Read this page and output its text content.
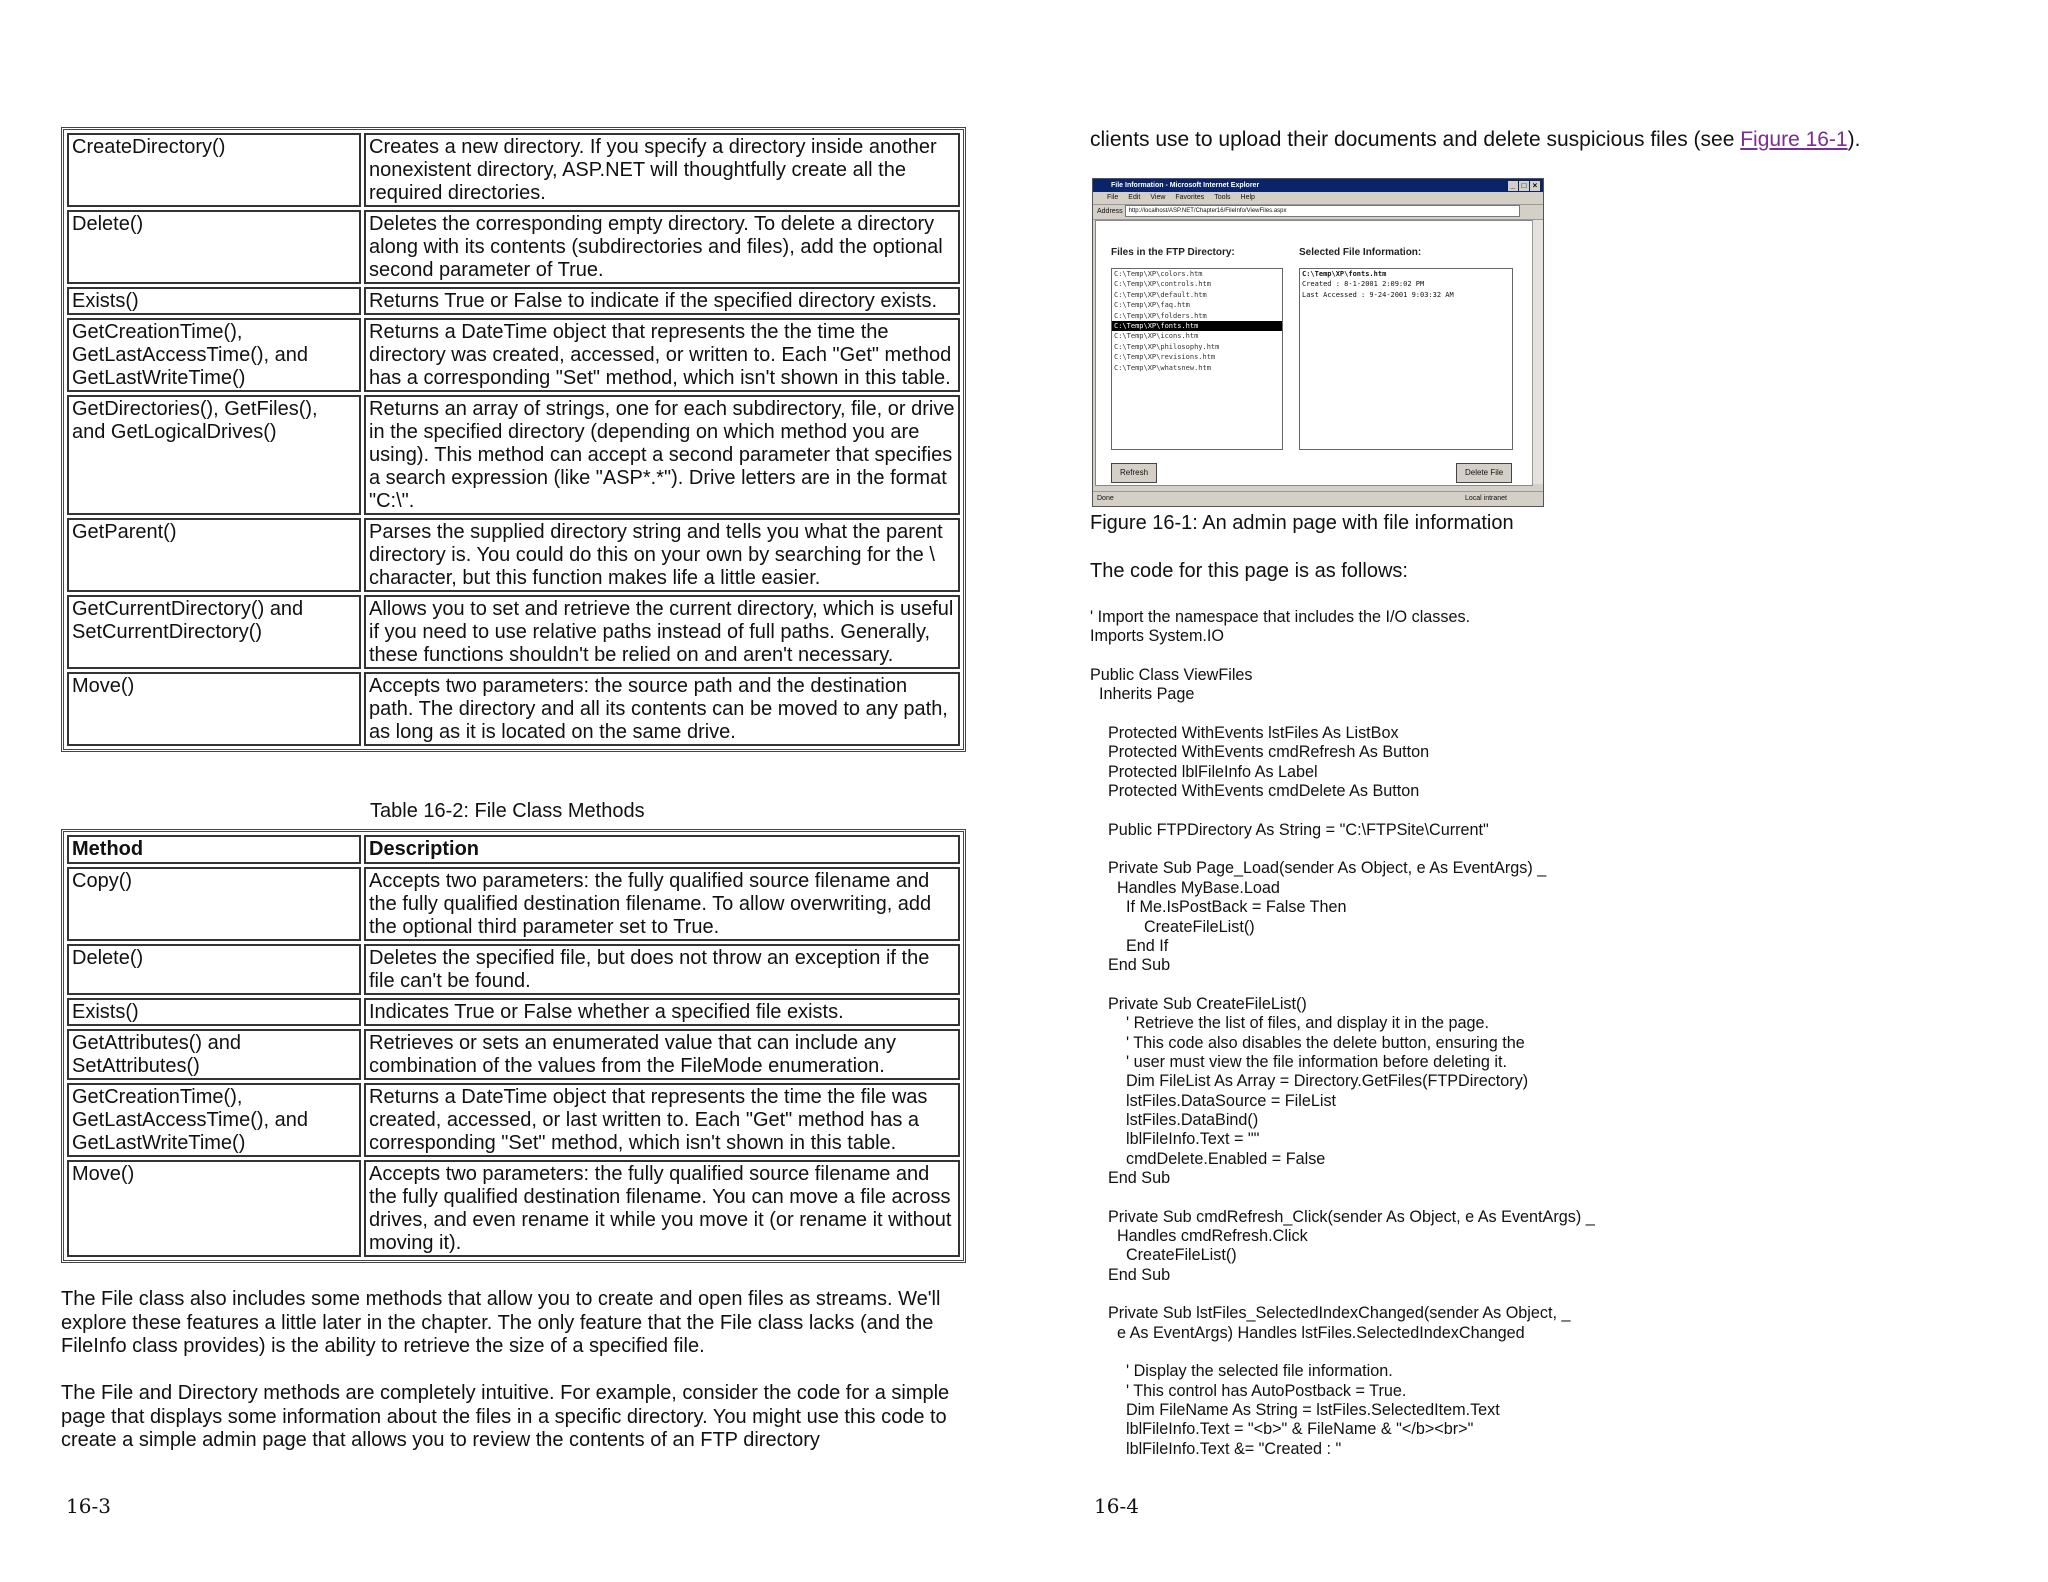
CreateDirectory()	Creates a new directory. If you specify a directory inside another nonexistent directory, ASP.NET will thoughtfully create all the required directories.
Delete()	Deletes the corresponding empty directory. To delete a directory along with its contents (subdirectories and files), add the optional second parameter of True.
Exists()	Returns True or False to indicate if the specified directory exists.
GetCreationTime(), GetLastAccessTime(), and GetLastWriteTime()	Returns a DateTime object that represents the the time the directory was created, accessed, or written to. Each "Get" method has a corresponding "Set" method, which isn't shown in this table.
GetDirectories(), GetFiles(), and GetLogicalDrives()	Returns an array of strings, one for each subdirectory, file, or drive in the specified directory (depending on which method you are using). This method can accept a second parameter that specifies a search expression (like "ASP*.*"). Drive letters are in the format "C:\".
GetParent()	Parses the supplied directory string and tells you what the parent directory is. You could do this on your own by searching for the \ character, but this function makes life a little easier.
GetCurrentDirectory() and SetCurrentDirectory()	Allows you to set and retrieve the current directory, which is useful if you need to use relative paths instead of full paths. Generally, these functions shouldn't be relied on and aren't necessary.
Move()	Accepts two parameters: the source path and the destination path. The directory and all its contents can be moved to any path, as long as it is located on the same drive.
Table 16-2: File Class Methods
Method	Description
Copy()	Accepts two parameters: the fully qualified source filename and the fully qualified destination filename. To allow overwriting, add the optional third parameter set to True.
Delete()	Deletes the specified file, but does not throw an exception if the file can't be found.
Exists()	Indicates True or False whether a specified file exists.
GetAttributes() and SetAttributes()	Retrieves or sets an enumerated value that can include any combination of the values from the FileMode enumeration.
GetCreationTime(), GetLastAccessTime(), and GetLastWriteTime()	Returns a DateTime object that represents the time the file was created, accessed, or last written to. Each "Get" method has a corresponding "Set" method, which isn't shown in this table.
Move()	Accepts two parameters: the fully qualified source filename and the fully qualified destination filename. You can move a file across drives, and even rename it while you move it (or rename it without moving it).
The File class also includes some methods that allow you to create and open files as streams. We'll explore these features a little later in the chapter. The only feature that the File class lacks (and the FileInfo class provides) is the ability to retrieve the size of a specified file.
The File and Directory methods are completely intuitive. For example, consider the code for a simple page that displays some information about the files in a specific directory. You might use this code to create a simple admin page that allows you to review the contents of an FTP directory
16-3
clients use to upload their documents and delete suspicious files (see Figure 16-1).
File Information - Microsoft Internet Explorer	_ □ ×
File Edit View Favorites Tools Help
Address http://localhost/ASP.NET/Chapter16/FileInfo/ViewFiles.aspx
Files in the FTP Directory:	Selected File Information:
C:\Temp\XP\colors.htm
C:\Temp\XP\controls.htm
C:\Temp\XP\default.htm
C:\Temp\XP\faq.htm
C:\Temp\XP\folders.htm
C:\Temp\XP\fonts.htm
C:\Temp\XP\icons.htm
C:\Temp\XP\philosophy.htm
C:\Temp\XP\revisions.htm
C:\Temp\XP\whatsnew.htm
C:\Temp\XP\fonts.htm
Created : 8-1-2001 2:09:02 PM
Last Accessed : 9-24-2001 9:03:32 AM
Refresh	Delete File
Done	Local intranet
Figure 16-1: An admin page with file information
The code for this page is as follows:
' Import the namespace that includes the I/O classes.
Imports System.IO

Public Class ViewFiles
Inherits Page

Protected WithEvents lstFiles As ListBox
Protected WithEvents cmdRefresh As Button
Protected lblFileInfo As Label
Protected WithEvents cmdDelete As Button

Public FTPDirectory As String = "C:\FTPSite\Current"

Private Sub Page_Load(sender As Object, e As EventArgs) _
Handles MyBase.Load
If Me.IsPostBack = False Then
CreateFileList()
End If
End Sub

Private Sub CreateFileList()
' Retrieve the list of files, and display it in the page.
' This code also disables the delete button, ensuring the
' user must view the file information before deleting it.
Dim FileList As Array = Directory.GetFiles(FTPDirectory)
lstFiles.DataSource = FileList
lstFiles.DataBind()
lblFileInfo.Text = ""
cmdDelete.Enabled = False
End Sub

Private Sub cmdRefresh_Click(sender As Object, e As EventArgs) _
Handles cmdRefresh.Click
CreateFileList()
End Sub

Private Sub lstFiles_SelectedIndexChanged(sender As Object, _
e As EventArgs) Handles lstFiles.SelectedIndexChanged

' Display the selected file information.
' This control has AutoPostback = True.
Dim FileName As String = lstFiles.SelectedItem.Text
lblFileInfo.Text = "<b>" & FileName & "</b><br>"
lblFileInfo.Text &= "Created : "

16-4
